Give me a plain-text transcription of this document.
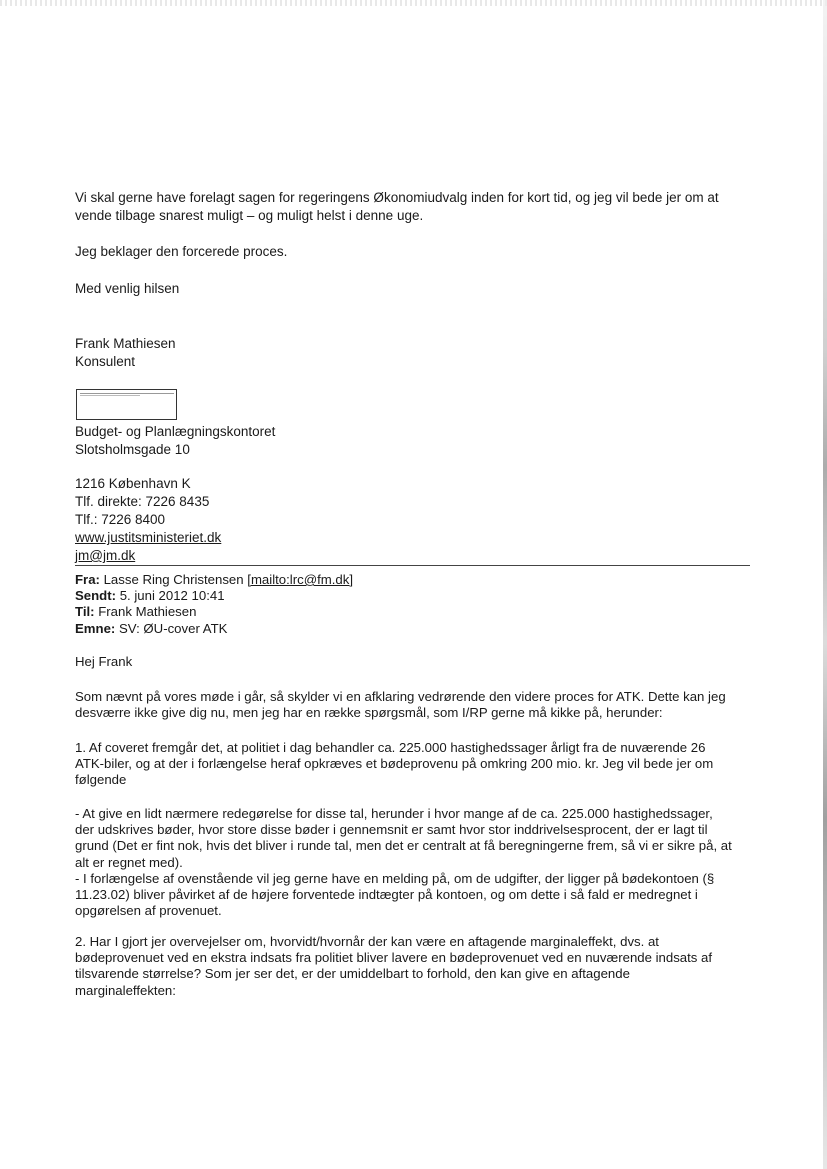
Vi skal gerne have forelagt sagen for regeringens Økonomiudvalg inden for kort tid, og jeg vil bede jer om at
vende tilbage snarest muligt – og muligt helst i denne uge.
Jeg beklager den forcerede proces.
Med venlig hilsen
Frank Mathiesen
Konsulent
Budget- og Planlægningskontoret
Slotsholmsgade 10
1216 København K
Tlf. direkte: 7226 8435
Tlf.: 7226 8400
www.justitsministeriet.dk
jm@jm.dk
Fra: Lasse Ring Christensen [mailto:lrc@fm.dk]
Sendt: 5. juni 2012 10:41
Til: Frank Mathiesen
Emne: SV: ØU-cover ATK
Hej Frank
Som nævnt på vores møde i går, så skylder vi en afklaring vedrørende den videre proces for ATK. Dette kan jeg
desværre ikke give dig nu, men jeg har en række spørgsmål, som I/RP gerne må kikke på, herunder:
1. Af coveret fremgår det, at politiet i dag behandler ca. 225.000 hastighedssager årligt fra de nuværende 26
ATK-biler, og at der i forlængelse heraf opkræves et bødeprovenu på omkring 200 mio. kr. Jeg vil bede jer om
følgende
- At give en lidt nærmere redegørelse for disse tal, herunder i hvor mange af de ca. 225.000 hastighedssager,
der udskrives bøder, hvor store disse bøder i gennemsnit er samt hvor stor inddrivelsesprocent, der er lagt til
grund (Det er fint nok, hvis det bliver i runde tal, men det er centralt at få beregningerne frem, så vi er sikre på, at
alt er regnet med).
- I forlængelse af ovenstående vil jeg gerne have en melding på, om de udgifter, der ligger på bødekontoen (§
11.23.02) bliver påvirket af de højere forventede indtægter på kontoen, og om dette i så fald er medregnet i
opgørelsen af provenuet.
2. Har I gjort jer overvejelser om, hvorvidt/hvornår der kan være en aftagende marginaleffekt, dvs. at
bødeprovenuet ved en ekstra indsats fra politiet bliver lavere en bødeprovenuet ved en nuværende indsats af
tilsvarende størrelse? Som jer ser det, er der umiddelbart to forhold, den kan give en aftagende
marginaleffekten:
